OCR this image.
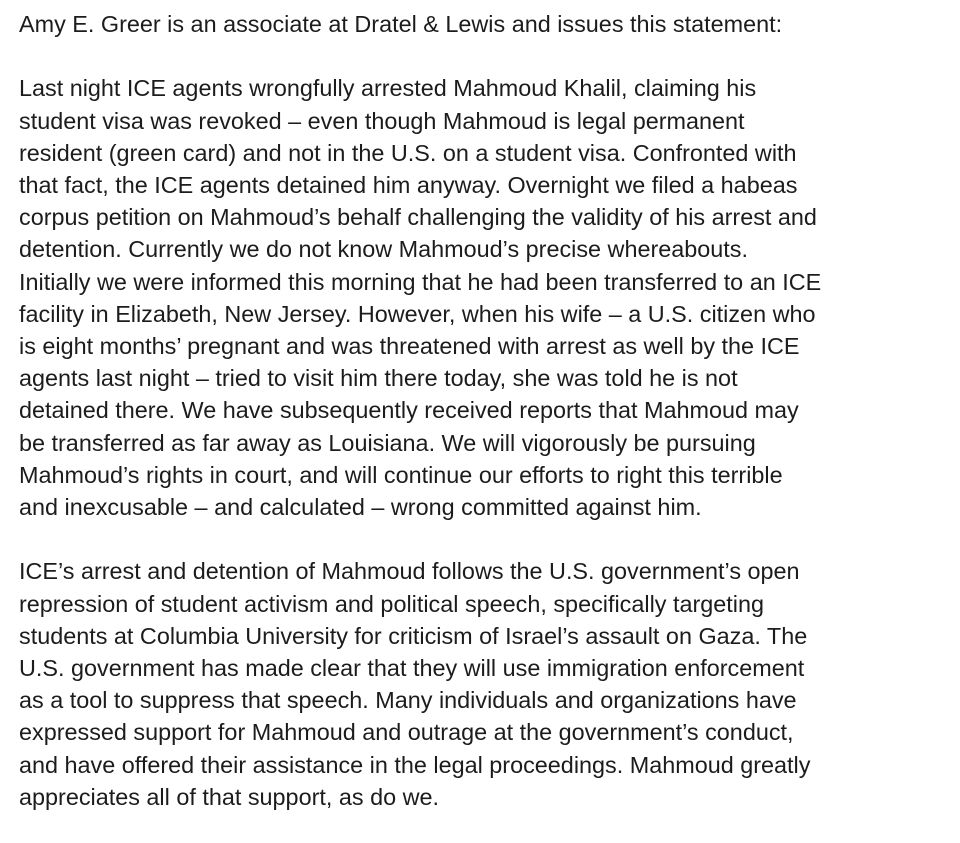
Amy E. Greer is an associate at Dratel & Lewis and issues this statement:

Last night ICE agents wrongfully arrested Mahmoud Khalil, claiming his
student visa was revoked – even though Mahmoud is legal permanent
resident (green card) and not in the U.S. on a student visa. Confronted with
that fact, the ICE agents detained him anyway. Overnight we filed a habeas
corpus petition on Mahmoud’s behalf challenging the validity of his arrest and
detention. Currently we do not know Mahmoud’s precise whereabouts.
Initially we were informed this morning that he had been transferred to an ICE
facility in Elizabeth, New Jersey. However, when his wife – a U.S. citizen who
is eight months’ pregnant and was threatened with arrest as well by the ICE
agents last night – tried to visit him there today, she was told he is not
detained there. We have subsequently received reports that Mahmoud may
be transferred as far away as Louisiana. We will vigorously be pursuing
Mahmoud’s rights in court, and will continue our efforts to right this terrible
and inexcusable – and calculated – wrong committed against him.

ICE’s arrest and detention of Mahmoud follows the U.S. government’s open
repression of student activism and political speech, specifically targeting
students at Columbia University for criticism of Israel’s assault on Gaza. The
U.S. government has made clear that they will use immigration enforcement
as a tool to suppress that speech. Many individuals and organizations have
expressed support for Mahmoud and outrage at the government’s conduct,
and have offered their assistance in the legal proceedings. Mahmoud greatly
appreciates all of that support, as do we.
